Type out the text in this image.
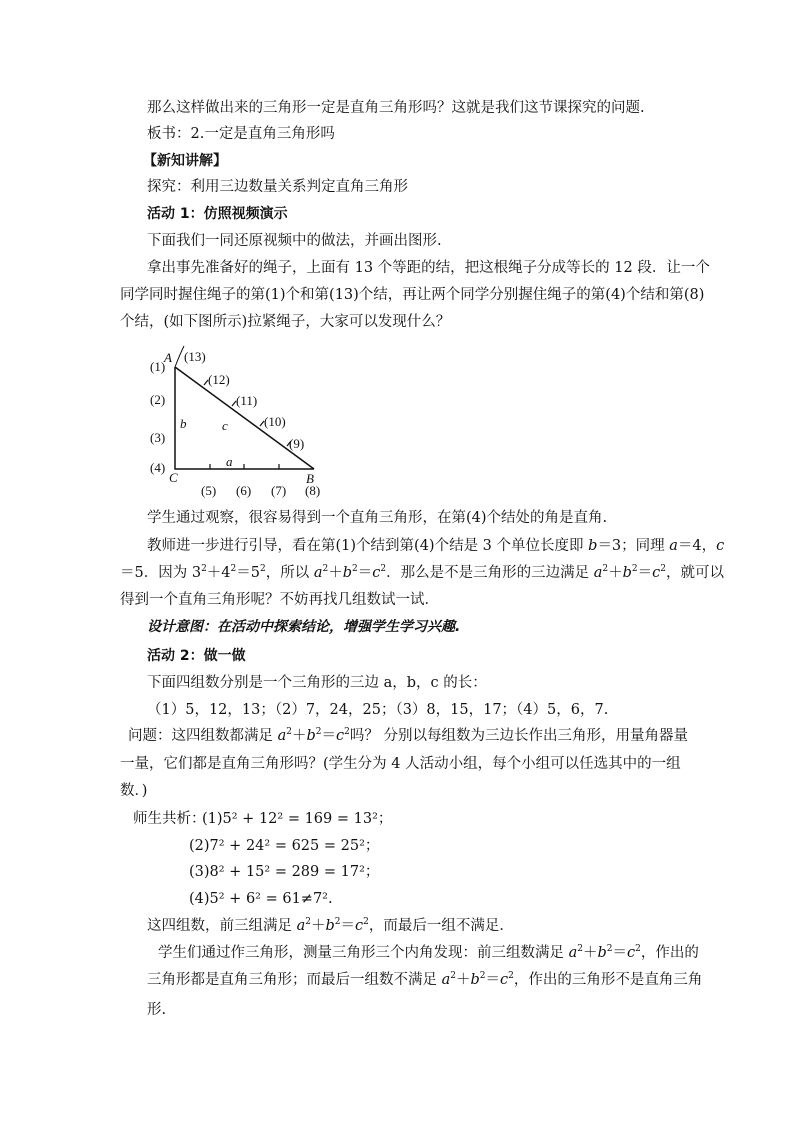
那么这样做出来的三角形一定是直角三角形吗？这就是我们这节课探究的问题.
板书：2.一定是直角三角形吗
【新知讲解】
探究：利用三边数量关系判定直角三角形
活动 1：仿照视频演示
下面我们一同还原视频中的做法，并画出图形.
拿出事先准备好的绳子，上面有 13 个等距的结，把这根绳子分成等长的 12 段．让一个
同学同时握住绳子的第(1)个和第(13)个结，再让两个同学分别握住绳子的第(4)个结和第(8)
个结，(如下图所示)拉紧绳子，大家可以发现什么？
A
C	B
b	c
a
(1)
(2)
(3)
(4)
(5) (6) (7) (8)
(13)
(12)
(11)
(10)
(9)
学生通过观察，很容易得到一个直角三角形，在第(4)个结处的角是直角.
教师进一步进行引导，看在第(1)个结到第(4)个结是 3 个单位长度即 b＝3；同理 a＝4，c
＝5．因为 $3^2+4^2=5^2$，所以 $a^2+b^2=c^2$．那么是不是三角形的三边满足 $a^2+b^2=c^2$，就可以
得到一个直角三角形呢？不妨再找几组数试一试．
设计意图：在活动中探索结论，增强学生学习兴趣.
活动 2：做一做
下面四组数分别是一个三角形的三边 a，b，c 的长：
（1）5，12，13；（2）7，24，25；（3）8，15，17；（4）5，6，7.
问题：这四组数都满足 $a^2+b^2=c^2$吗？ 分别以每组数为三边长作出三角形，用量角器量
一量，它们都是直角三角形吗？(学生分为 4 人活动小组，每个小组可以任选其中的一组
数．)
师生共析：
(1)5² + 12² = 169 = 13²；
(2)7² + 24² = 625 = 25²；
(3)8² + 15² = 289 = 17²；
(4)5² + 6² = 61≠7².
这四组数，前三组满足 $a^2+b^2=c^2$，而最后一组不满足．
学生们通过作三角形，测量三角形三个内角发现：前三组数满足 $a^2+b^2=c^2$，作出的
三角形都是直角三角形；而最后一组数不满足 $a^2+b^2=c^2$，作出的三角形不是直角三角
形.
